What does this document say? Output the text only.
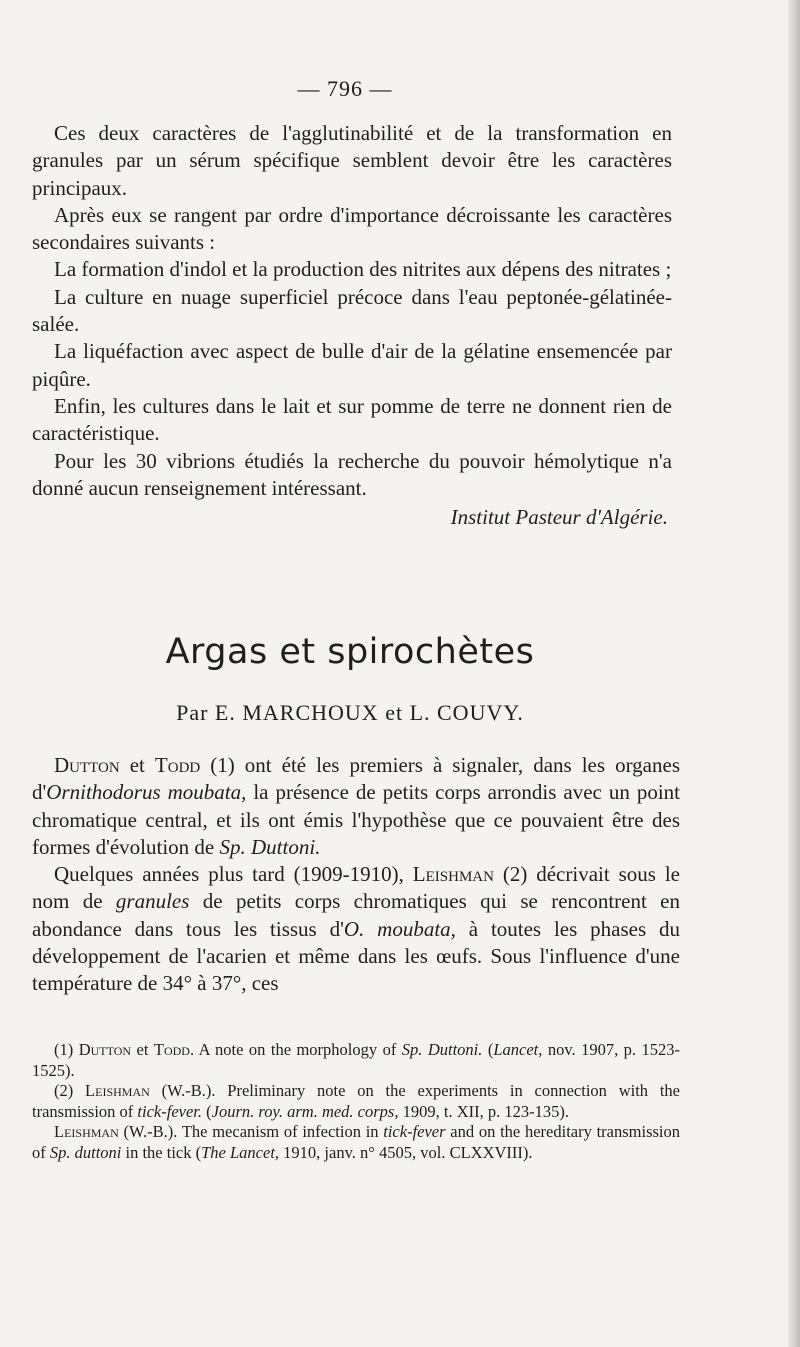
— 796 —

Ces deux caractères de l'agglutinabilité et de la transformation en granules par un sérum spécifique semblent devoir être les caractères principaux.

Après eux se rangent par ordre d'importance décroissante les caractères secondaires suivants :

La formation d'indol et la production des nitrites aux dépens des nitrates ;

La culture en nuage superficiel précoce dans l'eau peptonée-gélatinée-salée.

La liquéfaction avec aspect de bulle d'air de la gélatine ensemencée par piqûre.

Enfin, les cultures dans le lait et sur pomme de terre ne donnent rien de caractéristique.

Pour les 30 vibrions étudiés la recherche du pouvoir hémolytique n'a donné aucun renseignement intéressant.

Institut Pasteur d'Algérie.
Argas et spirochètes
Par E. MARCHOUX et L. COUVY.

Dutton et Todd (1) ont été les premiers à signaler, dans les organes d'Ornithodorus moubata, la présence de petits corps arrondis avec un point chromatique central, et ils ont émis l'hypothèse que ce pouvaient être des formes d'évolution de Sp. Duttoni.

Quelques années plus tard (1909-1910), Leishman (2) décrivait sous le nom de granules de petits corps chromatiques qui se rencontrent en abondance dans tous les tissus d'O. moubata, à toutes les phases du développement de l'acarien et même dans les œufs. Sous l'influence d'une température de 34° à 37°, ces

(1) Dutton et Todd. A note on the morphology of Sp. Duttoni. (Lancet, nov. 1907, p. 1523-1525).

(2) Leishman (W.-B.). Preliminary note on the experiments in connection with the transmission of tick-fever. (Journ. roy. arm. med. corps, 1909, t. XII, p. 123-135).

Leishman (W.-B.). The mecanism of infection in tick-fever and on the hereditary transmission of Sp. duttoni in the tick (The Lancet, 1910, janv. n° 4505, vol. CLXXVIII).
